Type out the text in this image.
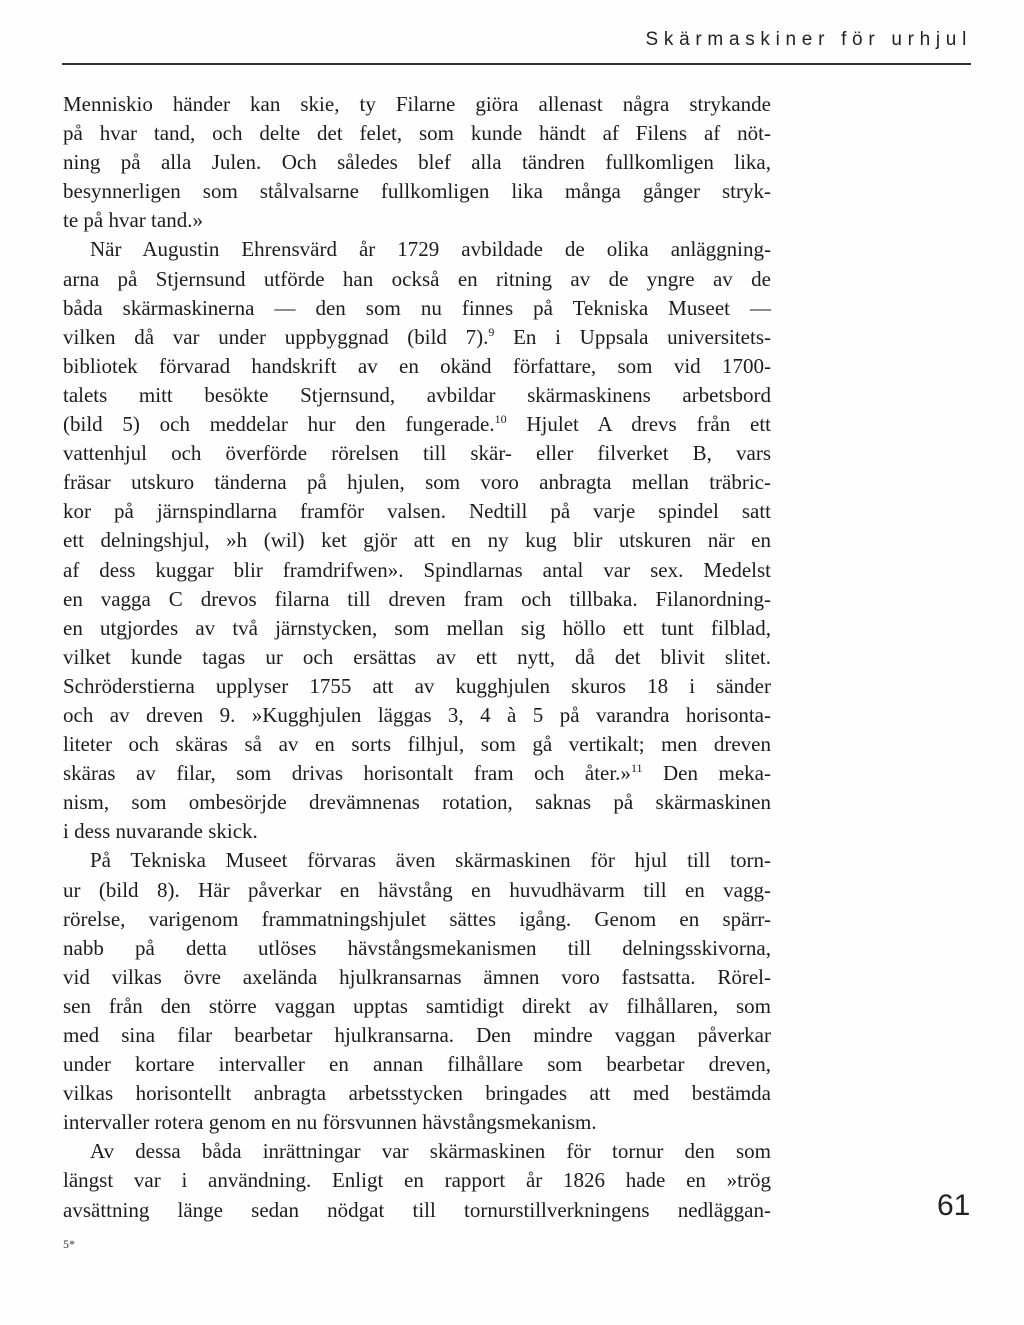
Skärmaskiner för urhjul
Menniskio händer kan skie, ty Filarne giöra allenast några strykande
på hvar tand, och delte det felet, som kunde händt af Filens af nöt-
ning på alla Julen. Och således blef alla tändren fullkomligen lika,
besynnerligen som stålvalsarne fullkomligen lika många gånger stryk-
te på hvar tand.»
När Augustin Ehrensvärd år 1729 avbildade de olika anläggning-
arna på Stjernsund utförde han också en ritning av de yngre av de
båda skärmaskinerna — den som nu finnes på Tekniska Museet —
vilken då var under uppbyggnad (bild 7).$^9$ En i Uppsala universitets-
bibliotek förvarad handskrift av en okänd författare, som vid 1700-
talets mitt besökte Stjernsund, avbildar skärmaskinens arbetsbord
(bild 5) och meddelar hur den fungerade.$^{10}$ Hjulet A drevs från ett
vattenhjul och överförde rörelsen till skär- eller filverket B, vars
fräsar utskuro tänderna på hjulen, som voro anbragta mellan träbric-
kor på järnspindlarna framför valsen. Nedtill på varje spindel satt
ett delningshjul, »h (wil) ket gjör att en ny kug blir utskuren när en
af dess kuggar blir framdrifwen». Spindlarnas antal var sex. Medelst
en vagga C drevos filarna till dreven fram och tillbaka. Filanordning-
en utgjordes av två järnstycken, som mellan sig höllo ett tunt filblad,
vilket kunde tagas ur och ersättas av ett nytt, då det blivit slitet.
Schröderstierna upplyser 1755 att av kugghjulen skuros 18 i sänder
och av dreven 9. »Kugghjulen läggas 3, 4 à 5 på varandra horisonta-
liteter och skäras så av en sorts filhjul, som gå vertikalt; men dreven
skäras av filar, som drivas horisontalt fram och åter.»$^{11}$ Den meka-
nism, som ombesörjde drevämnenas rotation, saknas på skärmaskinen
i dess nuvarande skick.
På Tekniska Museet förvaras även skärmaskinen för hjul till torn-
ur (bild 8). Här påverkar en hävstång en huvudhävarm till en vagg-
rörelse, varigenom frammatningshjulet sättes igång. Genom en spärr-
nabb på detta utlöses hävstångsmekanismen till delningsskivorna,
vid vilkas övre axelända hjulkransarnas ämnen voro fastsatta. Rörel-
sen från den större vaggan upptas samtidigt direkt av filhållaren, som
med sina filar bearbetar hjulkransarna. Den mindre vaggan påverkar
under kortare intervaller en annan filhållare som bearbetar dreven,
vilkas horisontellt anbragta arbetsstycken bringades att med bestämda
intervaller rotera genom en nu försvunnen hävstångsmekanism.
Av dessa båda inrättningar var skärmaskinen för tornur den som
längst var i användning. Enligt en rapport år 1826 hade en »trög
avsättning länge sedan nödgat till tornurstillverkningens nedläggan-	61
5*
